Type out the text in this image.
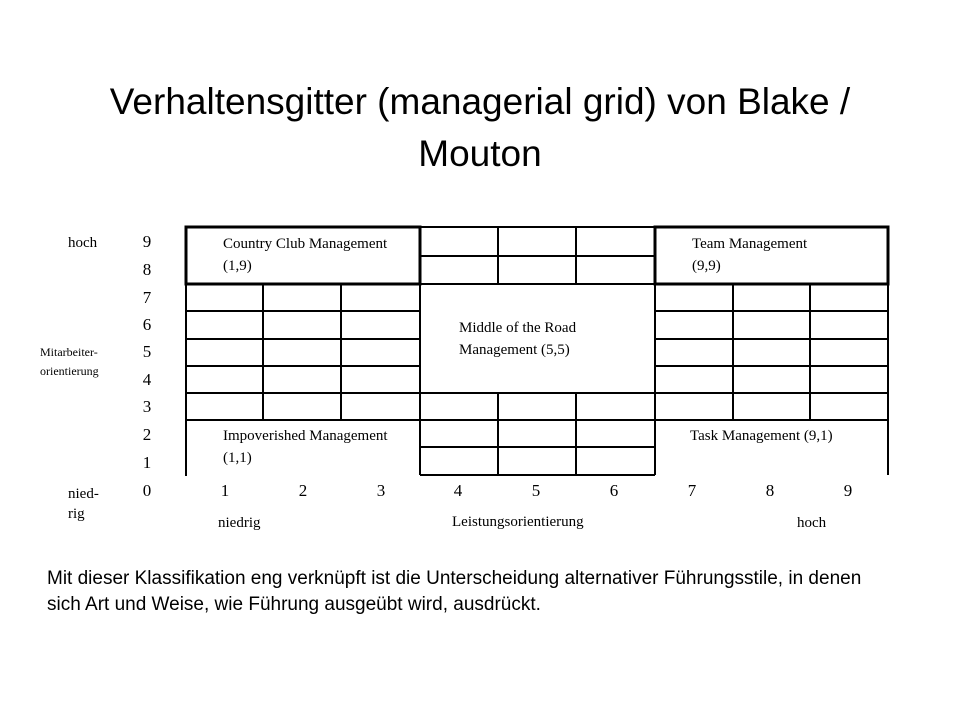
Verhaltensgitter (managerial grid) von Blake / Mouton
hoch
Mitarbeiter-
orientierung
nied-
rig
9
8
7
6
5
4
3
2
1
0	1	2	3	4	5	6	7	8	9
niedrig	Leistungsorientierung	hoch
Country Club Management
(1,9)
Team Management
(9,9)
Middle of the Road
Management (5,5)
Impoverished Management
(1,1)
Task Management (9,1)

Mit dieser Klassifikation eng verknüpft ist die Unterscheidung alternativer Führungsstile, in denen sich Art und Weise, wie Führung ausgeübt wird, ausdrückt.
